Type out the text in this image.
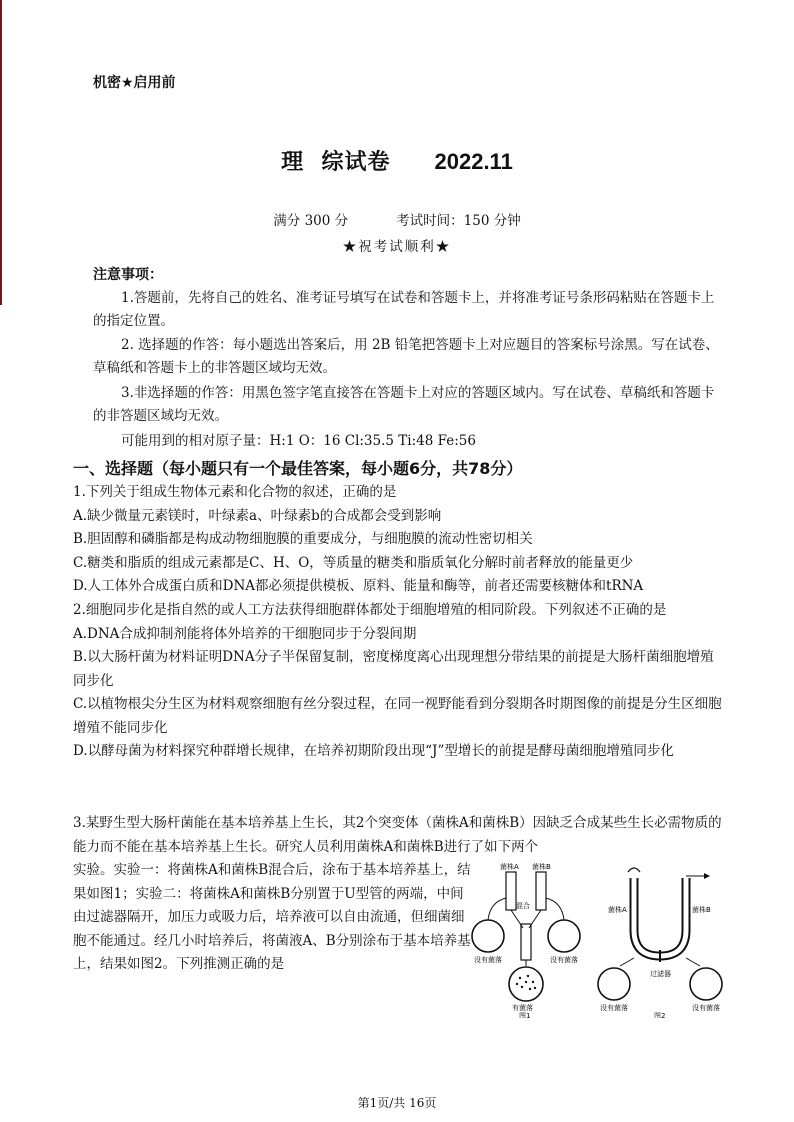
机密★启用前
理  综试卷 2022.11
满分 300 分	考试时间：150 分钟
★祝考试顺利★
注意事项：
1.答题前，先将自己的姓名、准考证号填写在试卷和答题卡上，并将准考证号条形码粘贴在答题卡上的指定位置。
2. 选择题的作答：每小题选出答案后，用 2B 铅笔把答题卡上对应题目的答案标号涂黑。写在试卷、草稿纸和答题卡上的非答题区域均无效。
3.非选择题的作答：用黑色签字笔直接答在答题卡上对应的答题区域内。写在试卷、草稿纸和答题卡的非答题区域均无效。
可能用到的相对原子量：H:1 O：16 Cl:35.5 Ti:48 Fe:56
一、选择题（每小题只有一个最佳答案，每小题6分，共78分）

1.下列关于组成生物体元素和化合物的叙述，正确的是

A.缺少微量元素镁时，叶绿素a、叶绿素b的合成都会受到影响

B.胆固醇和磷脂都是构成动物细胞膜的重要成分，与细胞膜的流动性密切相关

C.糖类和脂质的组成元素都是C、H、O，等质量的糖类和脂质氧化分解时前者释放的能量更少

D.人工体外合成蛋白质和DNA都必须提供模板、原料、能量和酶等，前者还需要核糖体和tRNA

2.细胞同步化是指自然的或人工方法获得细胞群体都处于细胞增殖的相同阶段。下列叙述不正确的是

A.DNA合成抑制剂能将体外培养的干细胞同步于分裂间期

B.以大肠杆菌为材料证明DNA分子半保留复制，密度梯度离心出现理想分带结果的前提是大肠杆菌细胞增殖同步化

C.以植物根尖分生区为材料观察细胞有丝分裂过程，在同一视野能看到分裂期各时期图像的前提是分生区细胞增殖不能同步化

D.以酵母菌为材料探究种群增长规律，在培养初期阶段出现“J”型增长的前提是酵母菌细胞增殖同步化

3.某野生型大肠杆菌能在基本培养基上生长，其2个突变体（菌株A和菌株B）因缺乏合成某些生长必需物质的能力而不能在基本培养基上生长。研究人员利用菌株A和菌株B进行了如下两个
实验。实验一：将菌株A和菌株B混合后，涂布于基本培养基上，结果如图1；实验二：将菌株A和菌株B分别置于U型管的两端，中间由过滤器隔开，加压力或吸力后，培养液可以自由流通，但细菌细胞不能通过。经几小时培养后，将菌液A、B分别涂布于基本培养基上，结果如图2。下列推测正确的是
菌株A 菌株B
混合
没有菌落	没有菌落
有菌落
图1
菌株A	菌株B
过滤器
没有菌落	没有菌落
图2
第1页/共 16页
